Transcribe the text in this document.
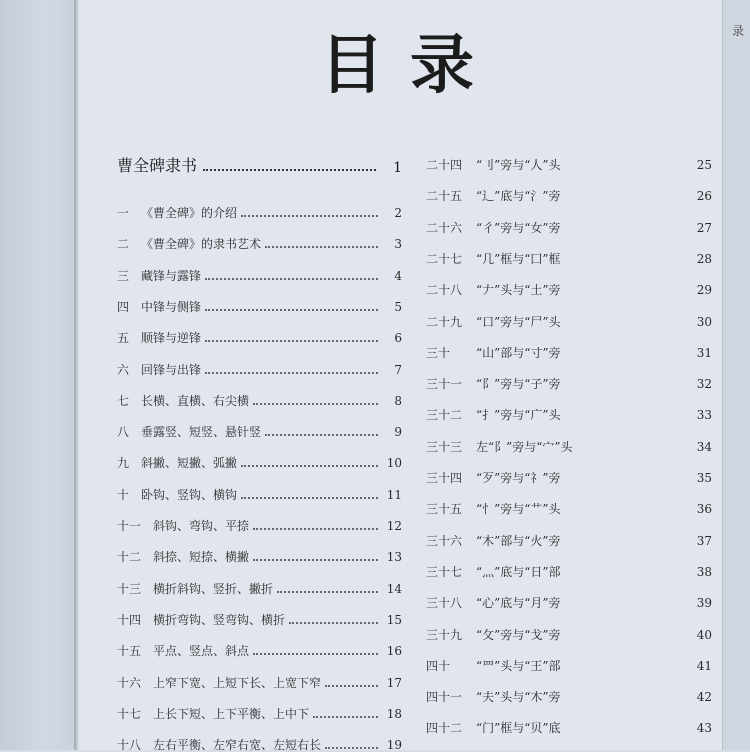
录
目录
曹全碑隶书	1
一 《曹全碑》的介绍	2
二 《曹全碑》的隶书艺术	3
三 藏锋与露锋	4
四 中锋与侧锋	5
五 顺锋与逆锋	6
六 回锋与出锋	7
七 长横、直横、右尖横	8
八 垂露竖、短竖、悬针竖	9
九 斜撇、短撇、弧撇	10
十 卧钩、竖钩、横钩	11
十一 斜钩、弯钩、平捺	12
十二 斜捺、短捺、横撇	13
十三 横折斜钩、竖折、撇折	14
十四 横折弯钩、竖弯钩、横折	15
十五 平点、竖点、斜点	16
十六 上窄下宽、上短下长、上宽下窄	17
十七 上长下短、上下平衡、上中下	18
十八 左右平衡、左窄右宽、左短右长	19
二十四	“刂”旁与“人”头	25
二十五	“辶”底与“氵”旁	26
二十六	“彳”旁与“女”旁	27
二十七	“几”框与“囗”框	28
二十八	“𠂇”头与“土”旁	29
二十九	“口”旁与“尸”头	30
三十	“山”部与“寸”旁	31
三十一	“阝”旁与“子”旁	32
三十二	“扌”旁与“广”头	33
三十三	左“阝”旁与“宀”头	34
三十四	“歹”旁与“礻”旁	35
三十五	“忄”旁与“艹”头	36
三十六	“木”部与“火”旁	37
三十七	“灬”底与“日”部	38
三十八	“心”底与“月”旁	39
三十九	“攵”旁与“戈”旁	40
四十	“罒”头与“王”部	41
四十一	“夫”头与“木”旁	42
四十二	“门”框与“贝”底	43
